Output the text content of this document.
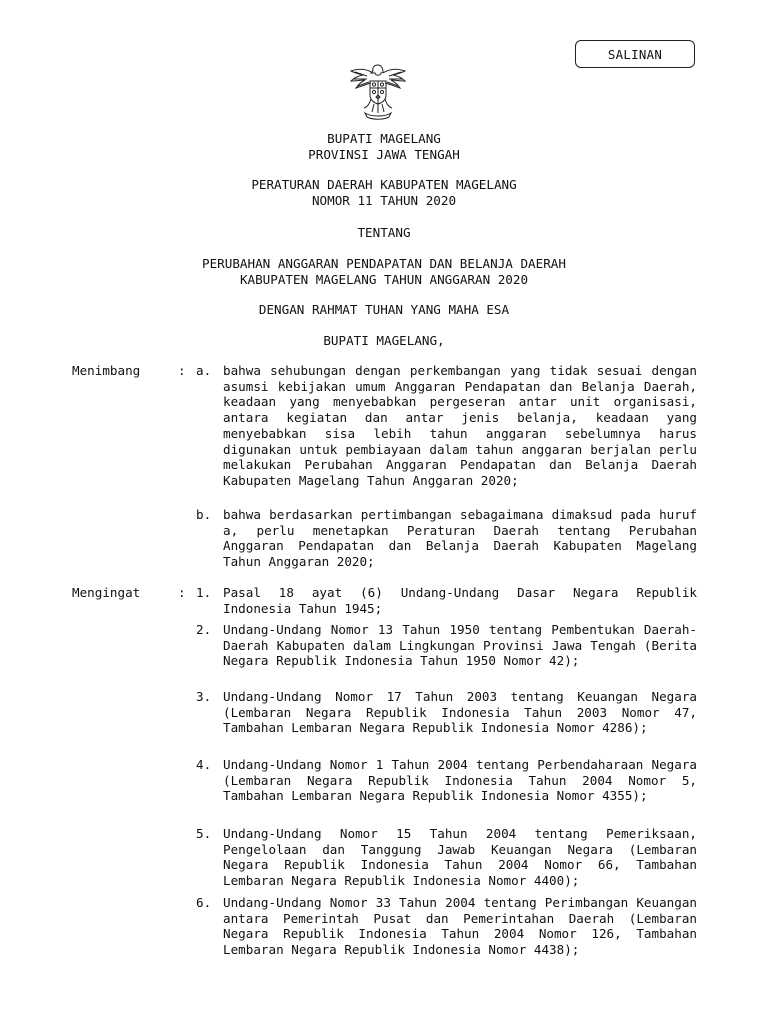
SALINAN
BUPATI MAGELANG
PROVINSI JAWA TENGAH
PERATURAN DAERAH KABUPATEN MAGELANG
NOMOR 11 TAHUN 2020
TENTANG
PERUBAHAN ANGGARAN PENDAPATAN DAN BELANJA DAERAH
KABUPATEN MAGELANG TAHUN ANGGARAN 2020
DENGAN RAHMAT TUHAN YANG MAHA ESA
BUPATI MAGELANG,
Menimbang	: a. bahwa sehubungan dengan perkembangan yang tidak sesuai dengan asumsi kebijakan umum Anggaran Pendapatan dan Belanja Daerah, keadaan yang menyebabkan pergeseran antar unit organisasi, antara kegiatan dan antar jenis belanja, keadaan yang menyebabkan sisa lebih tahun anggaran sebelumnya harus digunakan untuk pembiayaan dalam tahun anggaran berjalan perlu melakukan Perubahan Anggaran Pendapatan dan Belanja Daerah Kabupaten Magelang Tahun Anggaran 2020;
b. bahwa berdasarkan pertimbangan sebagaimana dimaksud pada huruf a, perlu menetapkan Peraturan Daerah tentang Perubahan Anggaran Pendapatan dan Belanja Daerah Kabupaten Magelang Tahun Anggaran 2020;
Mengingat	: 1. Pasal 18 ayat (6) Undang-Undang Dasar Negara Republik Indonesia Tahun 1945;
2. Undang-Undang Nomor 13 Tahun 1950 tentang Pembentukan Daerah-Daerah Kabupaten dalam Lingkungan Provinsi Jawa Tengah (Berita Negara Republik Indonesia Tahun 1950 Nomor 42);
3. Undang-Undang Nomor 17 Tahun 2003 tentang Keuangan Negara (Lembaran Negara Republik Indonesia Tahun 2003 Nomor 47, Tambahan Lembaran Negara Republik Indonesia Nomor 4286);
4. Undang-Undang Nomor 1 Tahun 2004 tentang Perbendaharaan Negara (Lembaran Negara Republik Indonesia Tahun 2004 Nomor 5, Tambahan Lembaran Negara Republik Indonesia Nomor 4355);
5. Undang-Undang Nomor 15 Tahun 2004 tentang Pemeriksaan, Pengelolaan dan Tanggung Jawab Keuangan Negara (Lembaran Negara Republik Indonesia Tahun 2004 Nomor 66, Tambahan Lembaran Negara Republik Indonesia Nomor 4400);
6. Undang-Undang Nomor 33 Tahun 2004 tentang Perimbangan Keuangan antara Pemerintah Pusat dan Pemerintahan Daerah (Lembaran Negara Republik Indonesia Tahun 2004 Nomor 126, Tambahan Lembaran Negara Republik Indonesia Nomor 4438);
